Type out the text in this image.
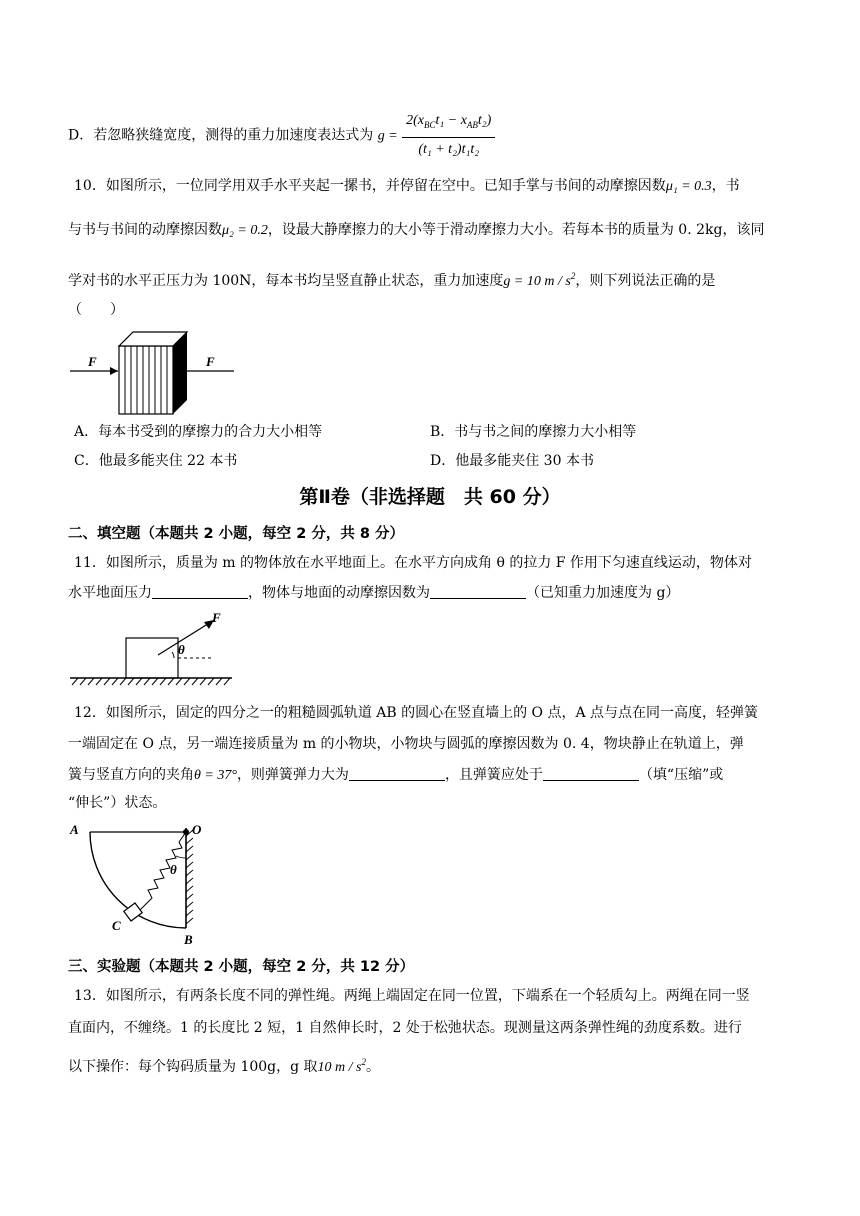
D．若忽略狭缝宽度，测得的重力加速度表达式为 $g = \frac{2(x_{BC}t_1 - x_{AB}t_2)}{\text{(t₁ + t₂)t₁t₂}}$
10．如图所示，一位同学用双手水平夹起一摞书，并停留在空中。已知手掌与书间的动摩擦因数μ₁ = 0.3，书
与书与书间的动摩擦因数μ₂ = 0.2，设最大静摩擦力的大小等于滑动摩擦力大小。若每本书的质量为 0. 2kg，该同
学对书的水平正压力为 100N，每本书均呈竖直静止状态，重力加速度g = 10 m / $s^2$，则下列说法正确的是
（　　）
F	F
A．每本书受到的摩擦力的合力大小相等	B．书与书之间的摩擦力大小相等
C．他最多能夹住 22 本书	D．他最多能夹住 30 本书
第Ⅱ卷（非选择题　共 60 分）
二、填空题（本题共 2 小题，每空 2 分，共 8 分）
11．如图所示，质量为 m 的物体放在水平地面上。在水平方向成角 θ 的拉力 F 作用下匀速直线运动，物体对
水平地面压力	，物体与地面的动摩擦因数为	（已知重力加速度为 g）
F
θ
12．如图所示，固定的四分之一的粗糙圆弧轨道 AB 的圆心在竖直墙上的 O 点，A 点与点在同一高度，轻弹簧
一端固定在 O 点，另一端连接质量为 m 的小物块，小物块与圆弧的摩擦因数为 0. 4，物块静止在轨道上，弹
簧与竖直方向的夹角θ = 37°，则弹簧弹力大为	，且弹簧应处于	（填“压缩”或
“伸长”）状态。
A	O
θ
C
B
三、实验题（本题共 2 小题，每空 2 分，共 12 分）
13．如图所示，有两条长度不同的弹性绳。两绳上端固定在同一位置，下端系在一个轻质勾上。两绳在同一竖
直面内，不缠绕。1 的长度比 2 短，1 自然伸长时，2 处于松弛状态。现测量这两条弹性绳的劲度系数。进行
以下操作：每个钩码质量为 100g，g 取10 m / $s^2$。
